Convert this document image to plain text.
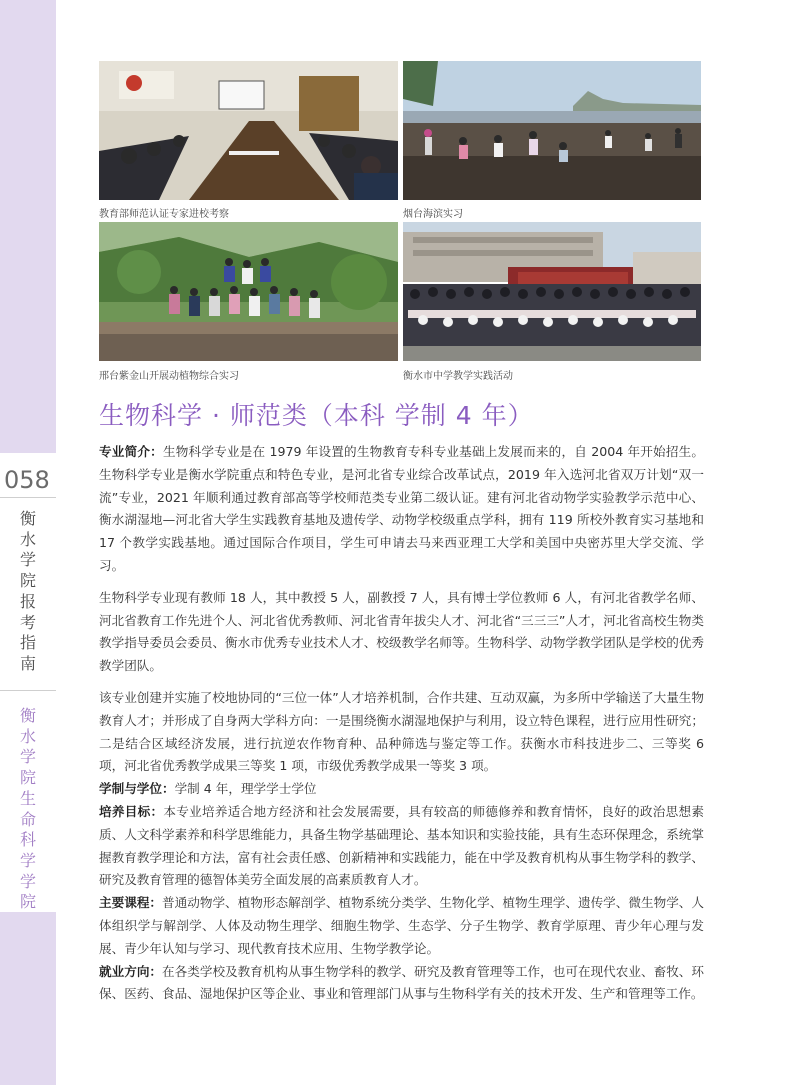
058
衡水学院报考指南
衡水学院生命科学学院
教育部师范认证专家进校考察	烟台海滨实习
邢台紫金山开展动植物综合实习	衡水市中学教学实践活动
生物科学 · 师范类（本科 学制 4 年）

专业简介：生物科学专业是在 1979 年设置的生物教育专科专业基础上发展而来的，自 2004 年开始招生。生物科学专业是衡水学院重点和特色专业，是河北省专业综合改革试点，2019 年入选河北省双万计划“双一流”专业，2021 年顺利通过教育部高等学校师范类专业第二级认证。建有河北省动物学实验教学示范中心、衡水湖湿地—河北省大学生实践教育基地及遗传学、动物学校级重点学科，拥有 119 所校外教育实习基地和 17 个教学实践基地。通过国际合作项目，学生可申请去马来西亚理工大学和美国中央密苏里大学交流、学习。

生物科学专业现有教师 18 人，其中教授 5 人，副教授 7 人，具有博士学位教师 6 人，有河北省教学名师、河北省教育工作先进个人、河北省优秀教师、河北省青年拔尖人才、河北省“三三三”人才，河北省高校生物类教学指导委员会委员、衡水市优秀专业技术人才、校级教学名师等。生物科学、动物学教学团队是学校的优秀教学团队。

该专业创建并实施了校地协同的“三位一体”人才培养机制，合作共建、互动双赢，为多所中学输送了大量生物教育人才；并形成了自身两大学科方向：一是围绕衡水湖湿地保护与利用，设立特色课程，进行应用性研究；二是结合区域经济发展，进行抗逆农作物育种、品种筛选与鉴定等工作。获衡水市科技进步二、三等奖 6 项，河北省优秀教学成果三等奖 1 项，市级优秀教学成果一等奖 3 项。

学制与学位：学制 4 年，理学学士学位

培养目标：本专业培养适合地方经济和社会发展需要，具有较高的师德修养和教育情怀，良好的政治思想素质、人文科学素养和科学思维能力，具备生物学基础理论、基本知识和实验技能，具有生态环保理念，系统掌握教育教学理论和方法，富有社会责任感、创新精神和实践能力，能在中学及教育机构从事生物学科的教学、研究及教育管理的德智体美劳全面发展的高素质教育人才。

主要课程：普通动物学、植物形态解剖学、植物系统分类学、生物化学、植物生理学、遗传学、微生物学、人体组织学与解剖学、人体及动物生理学、细胞生物学、生态学、分子生物学、教育学原理、青少年心理与发展、青少年认知与学习、现代教育技术应用、生物学教学论。

就业方向：在各类学校及教育机构从事生物学科的教学、研究及教育管理等工作，也可在现代农业、畜牧、环保、医药、食品、湿地保护区等企业、事业和管理部门从事与生物科学有关的技术开发、生产和管理等工作。
